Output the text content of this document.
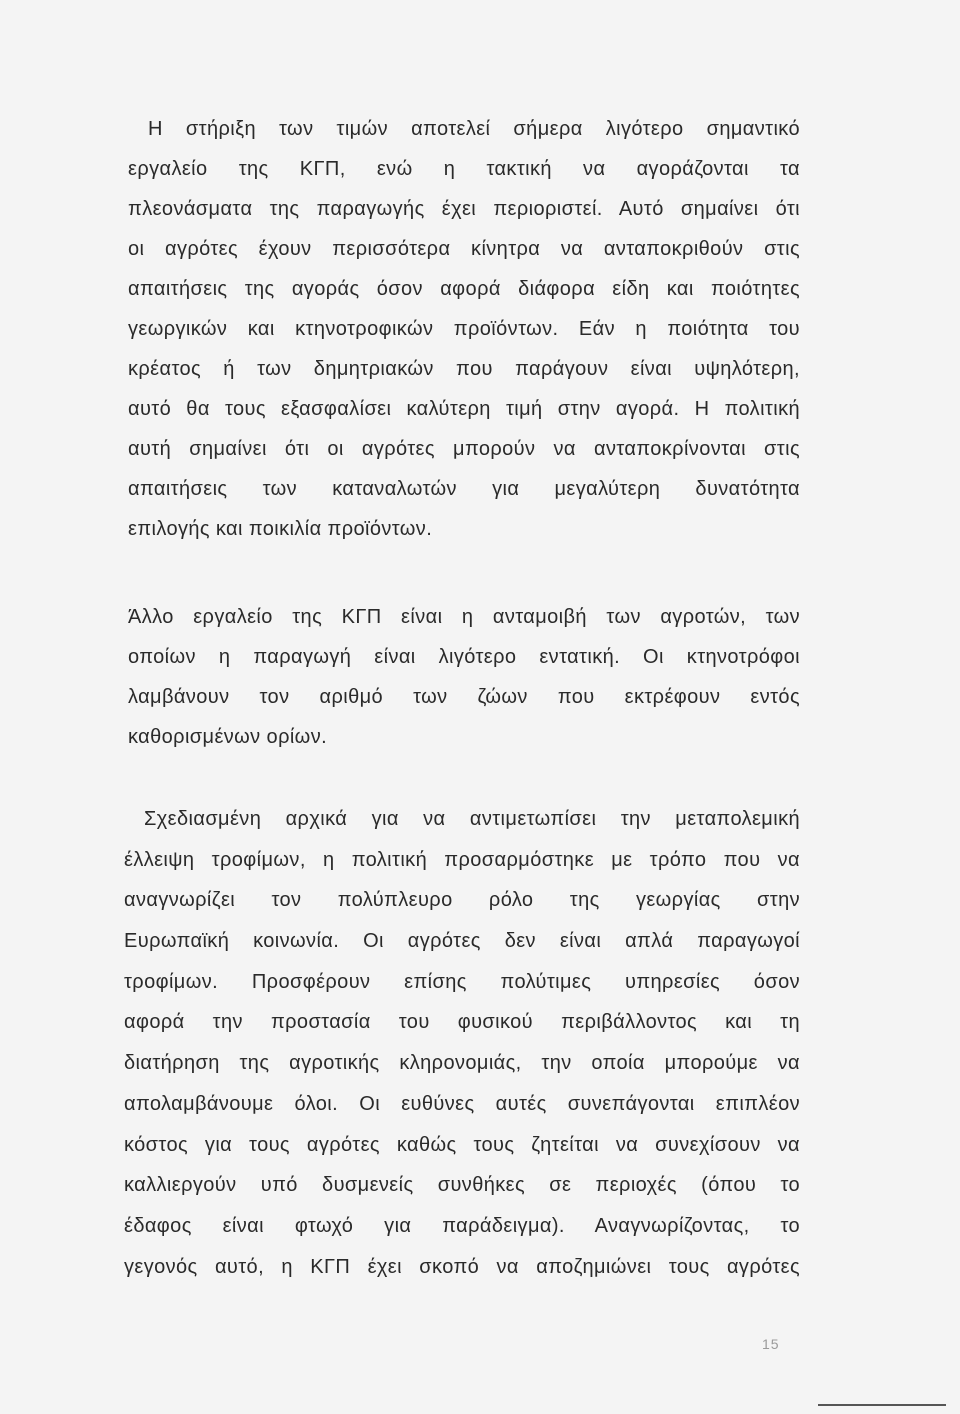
Η στήριξη των τιμών αποτελεί σήμερα λιγότερο σημαντικό
εργαλείο της ΚΓΠ, ενώ η τακτική να αγοράζονται τα
πλεονάσματα της παραγωγής έχει περιοριστεί. Αυτό σημαίνει ότι
οι αγρότες έχουν περισσότερα κίνητρα να ανταποκριθούν στις
απαιτήσεις της αγοράς όσον αφορά διάφορα είδη και ποιότητες
γεωργικών και κτηνοτροφικών προϊόντων. Εάν η ποιότητα του
κρέατος ή των δημητριακών που παράγουν είναι υψηλότερη,
αυτό θα τους εξασφαλίσει καλύτερη τιμή στην αγορά. Η πολιτική
αυτή σημαίνει ότι οι αγρότες μπορούν να ανταποκρίνονται στις
απαιτήσεις των καταναλωτών για μεγαλύτερη δυνατότητα
επιλογής και ποικιλία προϊόντων.
Άλλο εργαλείο της ΚΓΠ είναι η ανταμοιβή των αγροτών, των
οποίων η παραγωγή είναι λιγότερο εντατική. Οι κτηνοτρόφοι
λαμβάνουν τον αριθμό των ζώων που εκτρέφουν εντός
καθορισμένων ορίων.
Σχεδιασμένη αρχικά για να αντιμετωπίσει την μεταπολεμική
έλλειψη τροφίμων, η πολιτική προσαρμόστηκε με τρόπο που να
αναγνωρίζει τον πολύπλευρο ρόλο της γεωργίας στην
Ευρωπαϊκή κοινωνία. Οι αγρότες δεν είναι απλά παραγωγοί
τροφίμων. Προσφέρουν επίσης πολύτιμες υπηρεσίες όσον
αφορά την προστασία του φυσικού περιβάλλοντος και τη
διατήρηση της αγροτικής κληρονομιάς, την οποία μπορούμε να
απολαμβάνουμε όλοι. Οι ευθύνες αυτές συνεπάγονται επιπλέον
κόστος για τους αγρότες καθώς τους ζητείται να συνεχίσουν να
καλλιεργούν υπό δυσμενείς συνθήκες σε περιοχές (όπου το
έδαφος είναι φτωχό για παράδειγμα). Αναγνωρίζοντας, το
γεγονός αυτό, η ΚΓΠ έχει σκοπό να αποζημιώνει τους αγρότες
15
